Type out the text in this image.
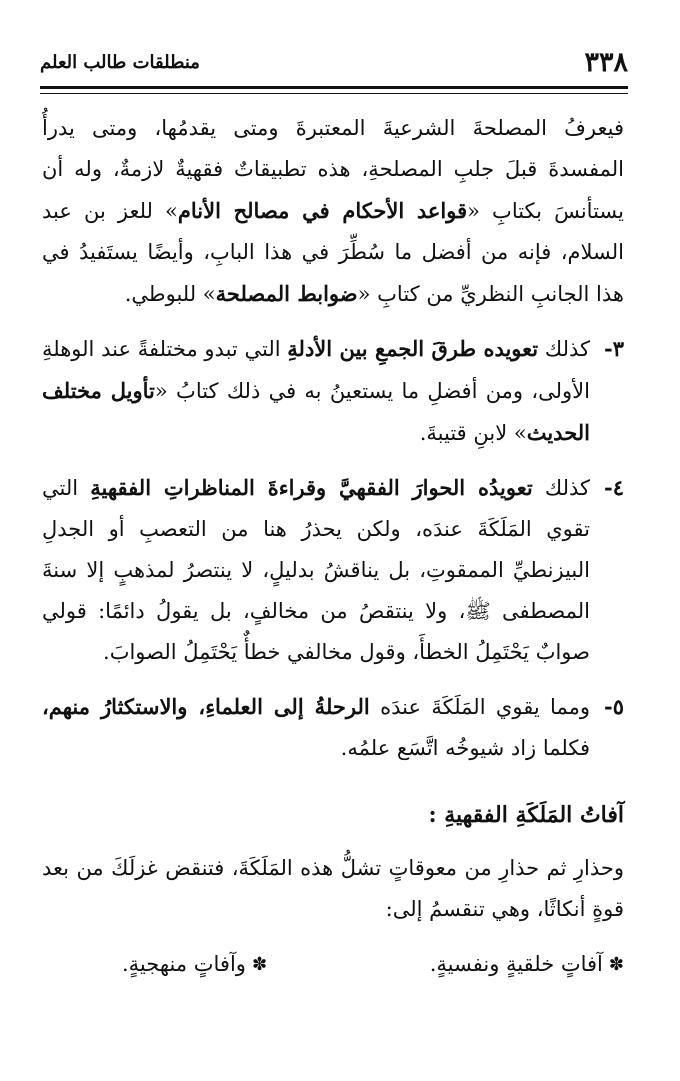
٣٣٨
منطلقات طالب العلم

فيعرفُ المصلحةَ الشرعيةَ المعتبرةَ ومتى يقدمُها، ومتى يدرأُ المفسدةَ قبلَ جلبِ المصلحةِ، هذه تطبيقاتٌ فقهيةٌ لازمةٌ، وله أن يستأنسَ بكتابِ «قواعد الأحكام في مصالح الأنام» للعز بن عبد السلام، فإنه من أفضل ما سُطِّرَ في هذا البابِ، وأيضًا يستَفيدُ في هذا الجانبِ النظريِّ من كتابِ «ضوابط المصلحة» للبوطي.

٣-
كذلك تعويده طرقَ الجمعِ بين الأدلةِ التي تبدو مختلفةً عند الوهلةِ الأولى، ومن أفضلِ ما يستعينُ به في ذلك كتابُ «تأويل مختلف الحديث» لابنِ قتيبةَ.
٤-
كذلك تعويدُه الحوارَ الفقهيَّ وقراءةَ المناظراتِ الفقهيةِ التي تقوي المَلَكَةَ عندَه، ولكن يحذرُ هنا من التعصبِ أو الجدلِ البيزنطيِّ الممقوتِ، بل يناقشُ بدليلٍ، لا ينتصرُ لمذهبٍ إلا سنةَ المصطفى ﷺ، ولا ينتقصُ من مخالفٍ، بل يقولُ دائمًا: قولي صوابٌ يَحْتَمِلُ الخطأَ، وقول مخالفي خطأٌ يَحْتَمِلُ الصوابَ.
٥-
ومما يقوي المَلَكَةَ عندَه الرحلةُ إلى العلماءِ، والاستكثارُ منهم، فكلما زاد شيوخُه اتَّسَع علمُه.
آفاتُ المَلَكَةِ الفقهيةِ :

وحذارِ ثم حذارِ من معوقاتٍ تشلُّ هذه المَلَكَةَ، فتنقض غزلَكَ من بعد قوةٍ أنكاثًا، وهي تنقسمُ إلى:

✽
آفاتٍ خلقيةٍ ونفسيةٍ.
✽
وآفاتٍ منهجيةٍ.
